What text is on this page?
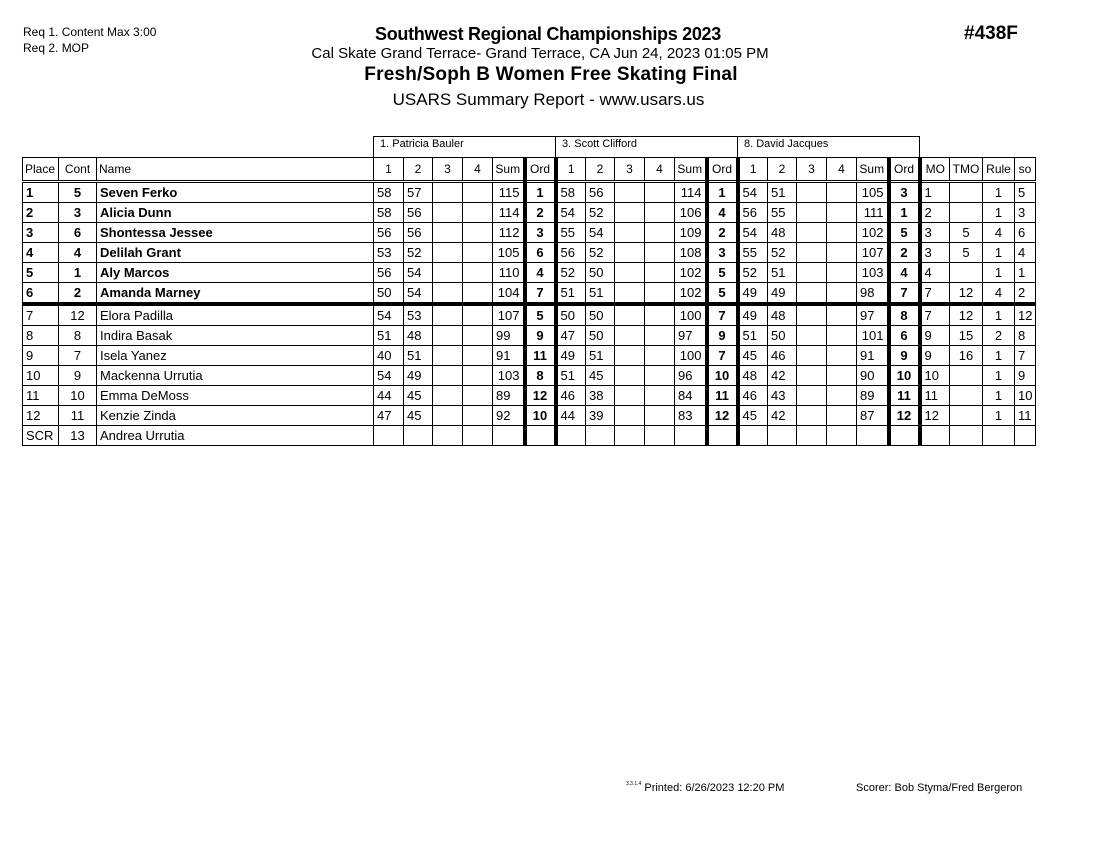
Req 1. Content Max 3:00
Req 2. MOP
Southwest Regional Championships 2023
Cal Skate Grand Terrace- Grand Terrace, CA Jun 24, 2023 01:05 PM
Fresh/Soph B Women Free Skating Final
USARS Summary Report - www.usars.us
#438F
			1. Patricia Bauler						3. Scott Clifford						8. David Jacques									
Place	Cont	Name	1	2	3	4	Sum	Ord	1	2	3	4	Sum	Ord	1	2	3	4	Sum	Ord	MO	TMO	Rule	so
1	5	Seven Ferko	58	57			115	1	58	56			114	1	54	51			105	3	1		1	5
2	3	Alicia Dunn	58	56			114	2	54	52			106	4	56	55			111	1	2		1	3
3	6	Shontessa Jessee	56	56			112	3	55	54			109	2	54	48			102	5	3	5	4	6
4	4	Delilah Grant	53	52			105	6	56	52			108	3	55	52			107	2	3	5	1	4
5	1	Aly Marcos	56	54			110	4	52	50			102	5	52	51			103	4	4		1	1
6	2	Amanda Marney	50	54			104	7	51	51			102	5	49	49			98	7	7	12	4	2
7	12	Elora Padilla	54	53			107	5	50	50			100	7	49	48			97	8	7	12	1	12
8	8	Indira Basak	51	48			99	9	47	50			97	9	51	50			101	6	9	15	2	8
9	7	Isela Yanez	40	51			91	11	49	51			100	7	45	46			91	9	9	16	1	7
10	9	Mackenna Urrutia	54	49			103	8	51	45			96	10	48	42			90	10	10		1	9
11	10	Emma DeMoss	44	45			89	12	46	38			84	11	46	43			89	11	11		1	10
12	11	Kenzie Zinda	47	45			92	10	44	39			83	12	45	42			87	12	12		1	11
SCR	13	Andrea Urrutia																						
$^{3.3.1.4}$ Printed: 6/26/2023 12:20 PM	Scorer: Bob Styma/Fred Bergeron
